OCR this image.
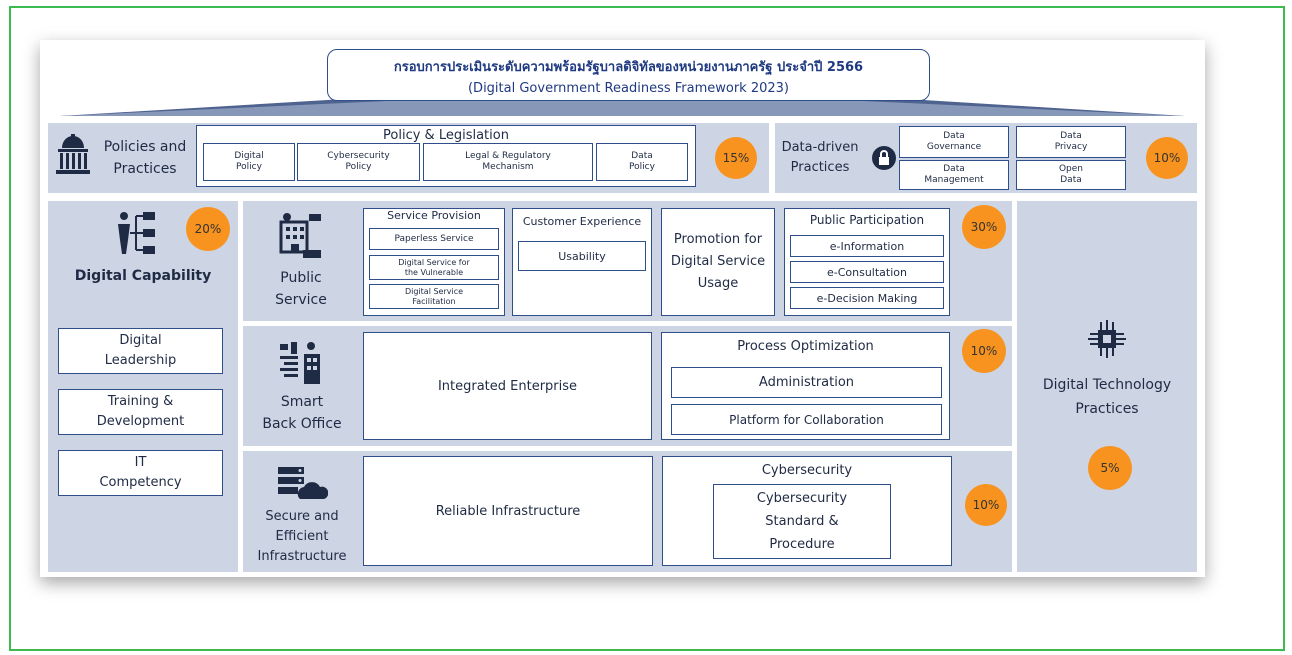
กรอบการประเมินระดับความพร้อมรัฐบาลดิจิทัลของหน่วยงานภาครัฐ ประจำปี 2566
(Digital Government Readiness Framework 2023)
Policies and
Practices
Policy & Legislation
Digital
Policy
Cybersecurity
Policy
Legal & Regulatory
Mechanism
Data
Policy
15%
Data-driven
Practices
Data
Governance
Data
Privacy
Data
Management
Open
Data
10%
20%
Digital Capability
Digital
Leadership
Training &
Development
IT
Competency
Public
Service
Service Provision
Paperless Service
Digital Service for
the Vulnerable
Digital Service
Facilitation
Customer Experience
Usability
Promotion for
Digital Service
Usage
Public Participation
e-Information
e-Consultation
e-Decision Making
30%
Smart
Back Office
Integrated Enterprise
Process Optimization
Administration
Platform for Collaboration
10%
Secure and
Efficient
Infrastructure
Reliable Infrastructure
Cybersecurity
Cybersecurity
Standard &
Procedure
10%
Digital Technology
Practices
5%
